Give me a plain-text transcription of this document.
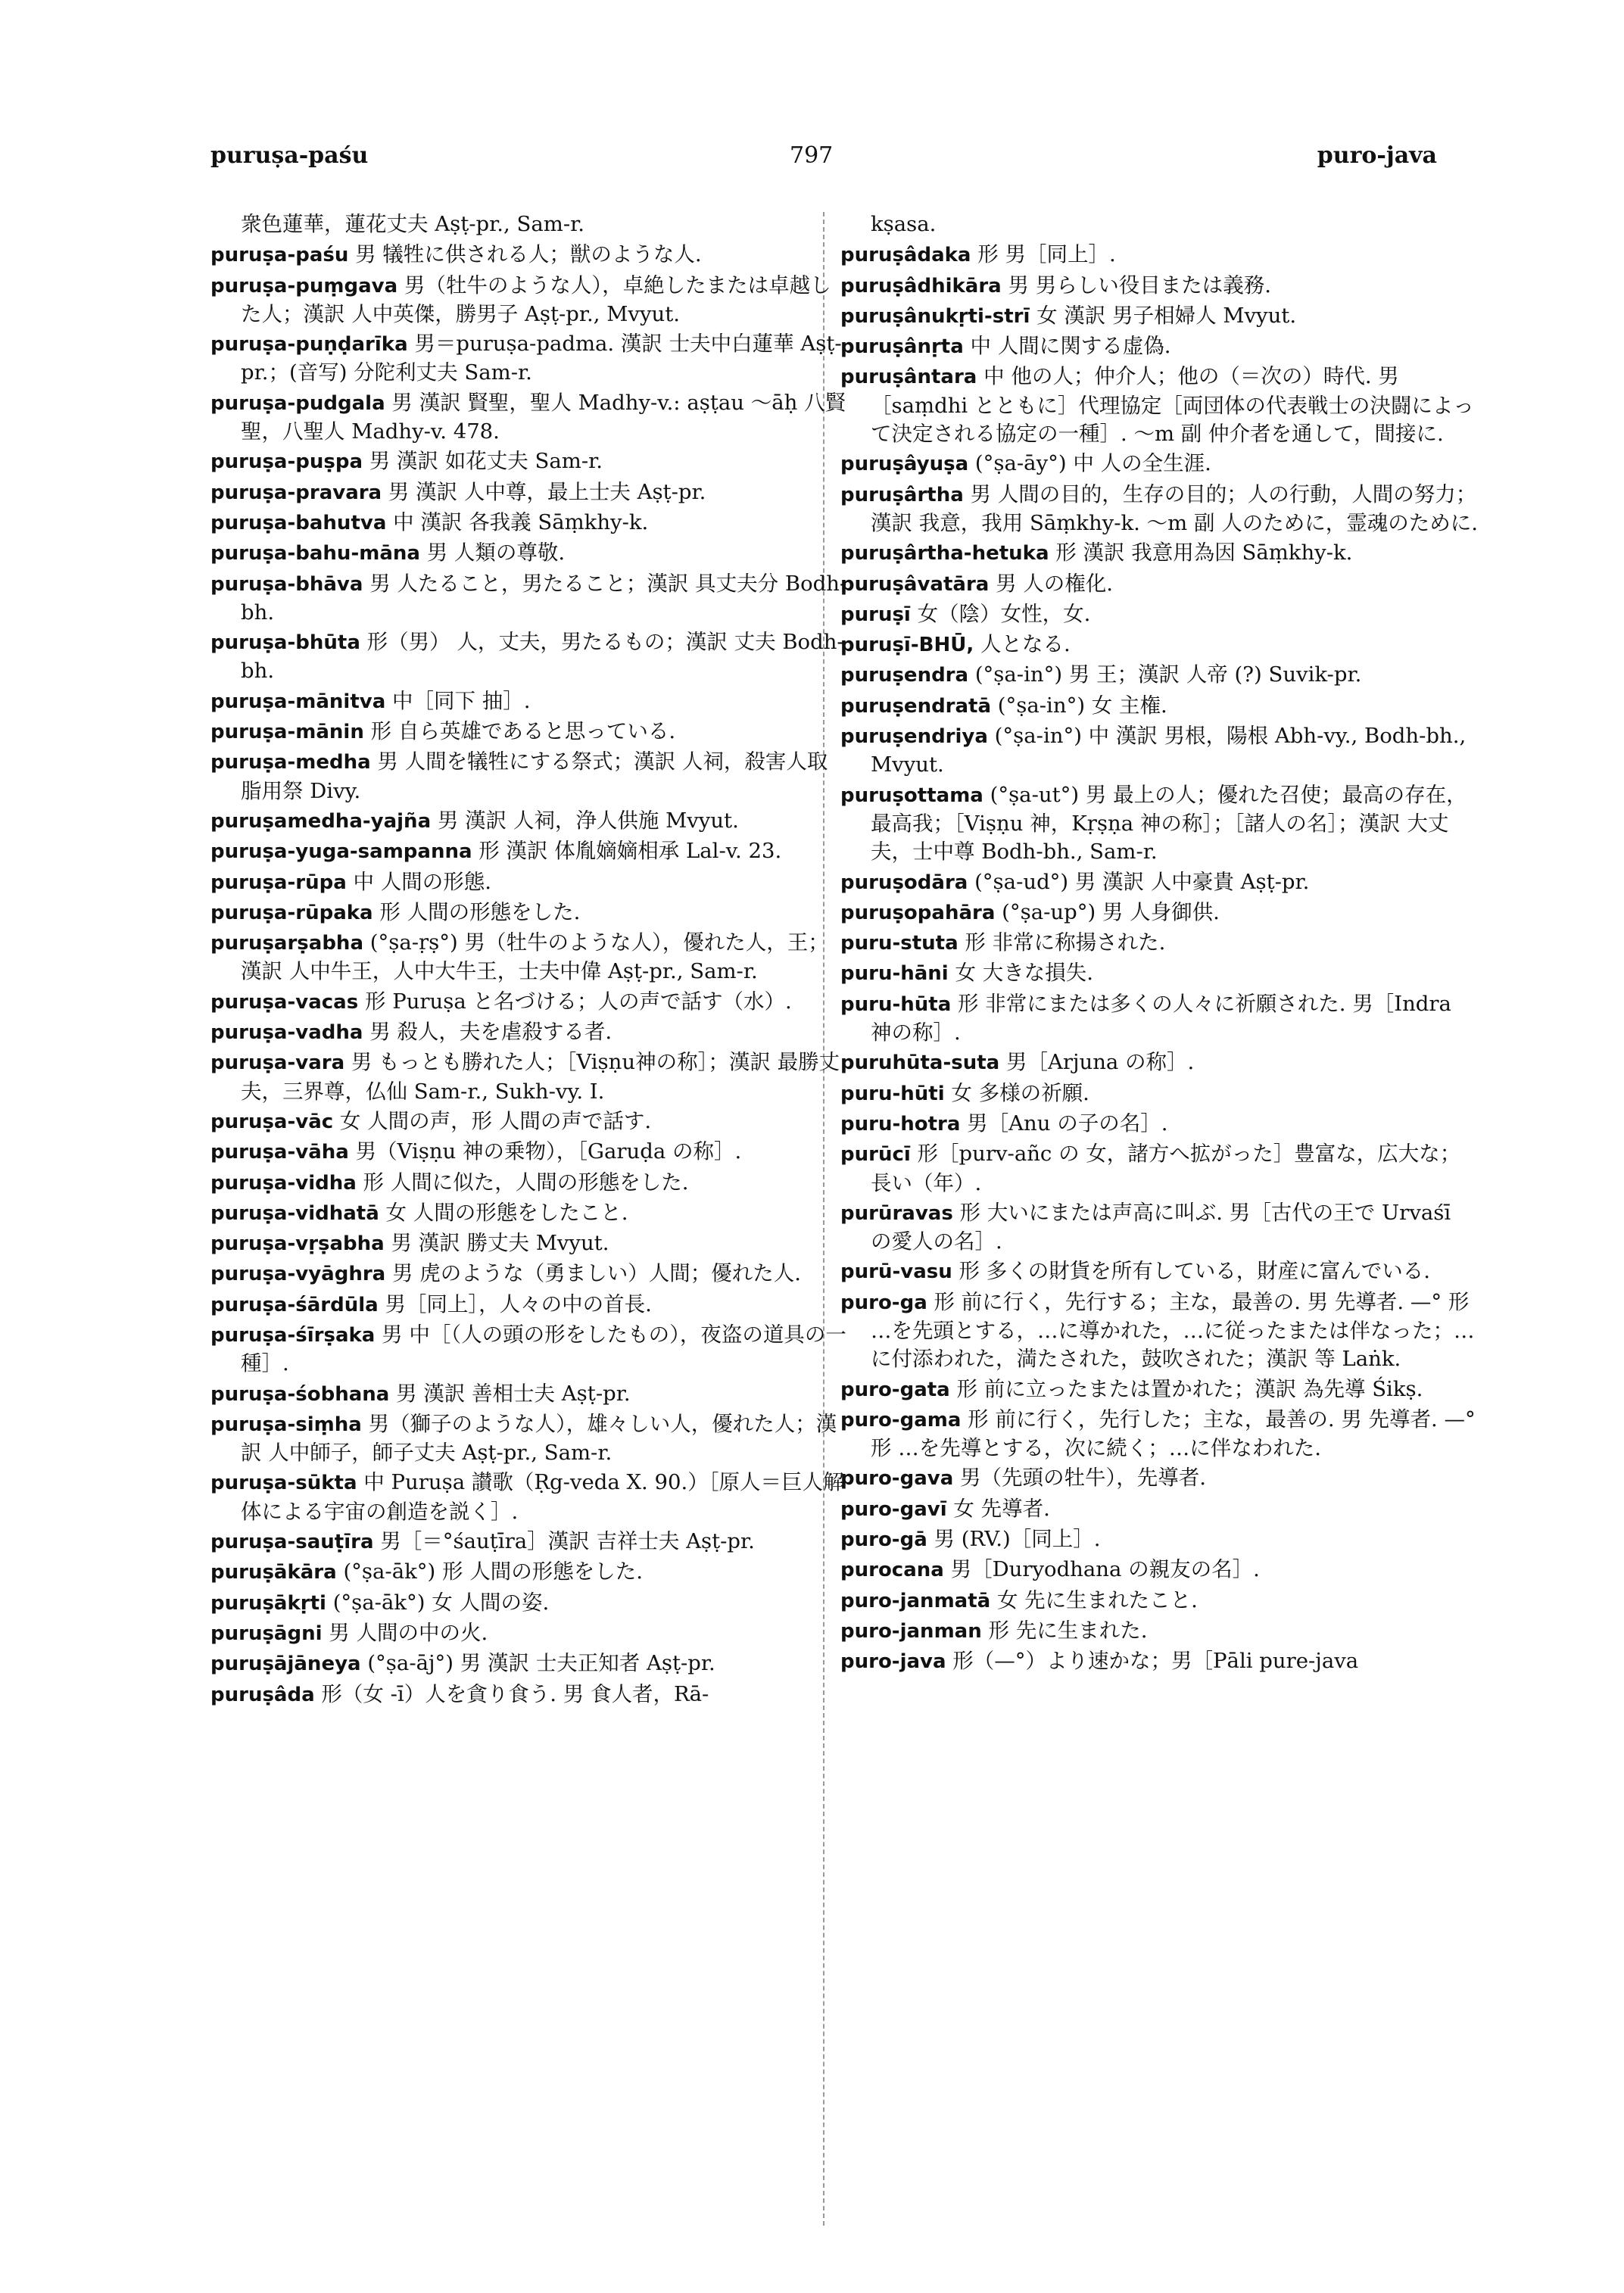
puruṣa-paśu	797	puro-java
衆色蓮華，蓮花丈夫 Aṣṭ-pr., Sam-r.
puruṣa-paśu 男 犠牲に供される人；獣のような人.
puruṣa-puṃgava 男（牡牛のような人），卓絶したまたは卓越した人；漢訳 人中英傑，勝男子 Aṣṭ-pr., Mvyut.
puruṣa-puṇḍarīka 男＝puruṣa-padma. 漢訳 士夫中白蓮華 Aṣṭ-pr.；(音写) 分陀利丈夫 Sam-r.
puruṣa-pudgala 男 漢訳 賢聖，聖人 Madhy-v.: aṣṭau ～āḥ 八賢聖，八聖人 Madhy-v. 478.
puruṣa-puṣpa 男 漢訳 如花丈夫 Sam-r.
puruṣa-pravara 男 漢訳 人中尊，最上士夫 Aṣṭ-pr.
puruṣa-bahutva 中 漢訳 各我義 Sāṃkhy-k.
puruṣa-bahu-māna 男 人類の尊敬.
puruṣa-bhāva 男 人たること，男たること；漢訳 具丈夫分 Bodh-bh.
puruṣa-bhūta 形（男） 人，丈夫，男たるもの；漢訳 丈夫 Bodh-bh.
puruṣa-mānitva 中［同下 抽］.
puruṣa-mānin 形 自ら英雄であると思っている.
puruṣa-medha 男 人間を犠牲にする祭式；漢訳 人祠，殺害人取脂用祭 Divy.
puruṣamedha-yajña 男 漢訳 人祠，浄人供施 Mvyut.
puruṣa-yuga-sampanna 形 漢訳 体胤嫡嫡相承 Lal-v. 23.
puruṣa-rūpa 中 人間の形態.
puruṣa-rūpaka 形 人間の形態をした.
puruṣarṣabha (°ṣa-ṛṣ°) 男（牡牛のような人），優れた人，王；漢訳 人中牛王，人中大牛王，士夫中偉 Aṣṭ-pr., Sam-r.
puruṣa-vacas 形 Puruṣa と名づける；人の声で話す（水）.
puruṣa-vadha 男 殺人，夫を虐殺する者.
puruṣa-vara 男 もっとも勝れた人；［Viṣṇu神の称］；漢訳 最勝丈夫，三界尊，仏仙 Sam-r., Sukh-vy. I.
puruṣa-vāc 女 人間の声，形 人間の声で話す.
puruṣa-vāha 男（Viṣṇu 神の乗物），［Garuḍa の称］.
puruṣa-vidha 形 人間に似た，人間の形態をした.
puruṣa-vidhatā 女 人間の形態をしたこと.
puruṣa-vṛṣabha 男 漢訳 勝丈夫 Mvyut.
puruṣa-vyāghra 男 虎のような（勇ましい）人間；優れた人.
puruṣa-śārdūla 男［同上］，人々の中の首長.
puruṣa-śīrṣaka 男 中［（人の頭の形をしたもの），夜盗の道具の一種］.
puruṣa-śobhana 男 漢訳 善相士夫 Aṣṭ-pr.
puruṣa-siṃha 男（獅子のような人），雄々しい人，優れた人；漢訳 人中師子，師子丈夫 Aṣṭ-pr., Sam-r.
puruṣa-sūkta 中 Puruṣa 讃歌（Ṛg-veda X. 90.）［原人＝巨人解体による宇宙の創造を説く］.
puruṣa-sauṭīra 男［＝°śauṭīra］漢訳 吉祥士夫 Aṣṭ-pr.
puruṣākāra (°ṣa-āk°) 形 人間の形態をした.
puruṣākṛti (°ṣa-āk°) 女 人間の姿.
puruṣāgni 男 人間の中の火.
puruṣājāneya (°ṣa-āj°) 男 漢訳 士夫正知者 Aṣṭ-pr.
puruṣâda 形（女 -ī）人を貪り食う. 男 食人者，Rā-
kṣasa.
puruṣâdaka 形 男［同上］.
puruṣâdhikāra 男 男らしい役目または義務.
puruṣânukṛti-strī 女 漢訳 男子相婦人 Mvyut.
puruṣânṛta 中 人間に関する虚偽.
puruṣântara 中 他の人；仲介人；他の（＝次の）時代. 男［saṃdhi とともに］代理協定［両団体の代表戦士の決闘によって決定される協定の一種］. ～m 副 仲介者を通して，間接に.
puruṣâyuṣa (°ṣa-āy°) 中 人の全生涯.
puruṣârtha 男 人間の目的，生存の目的；人の行動，人間の努力；漢訳 我意，我用 Sāṃkhy-k. ～m 副 人のために，霊魂のために.
puruṣârtha-hetuka 形 漢訳 我意用為因 Sāṃkhy-k.
puruṣâvatāra 男 人の権化.
puruṣī 女（陰）女性，女.
puruṣī-BHŪ, 人となる.
puruṣendra (°ṣa-in°) 男 王；漢訳 人帝 (?) Suvik-pr.
puruṣendratā (°ṣa-in°) 女 主権.
puruṣendriya (°ṣa-in°) 中 漢訳 男根，陽根 Abh-vy., Bodh-bh., Mvyut.
puruṣottama (°ṣa-ut°) 男 最上の人；優れた召使；最高の存在，最高我；［Viṣṇu 神，Kṛṣṇa 神の称］；［諸人の名］；漢訳 大丈夫，士中尊 Bodh-bh., Sam-r.
puruṣodāra (°ṣa-ud°) 男 漢訳 人中豪貴 Aṣṭ-pr.
puruṣopahāra (°ṣa-up°) 男 人身御供.
puru-stuta 形 非常に称揚された.
puru-hāni 女 大きな損失.
puru-hūta 形 非常にまたは多くの人々に祈願された. 男［Indra 神の称］.
puruhūta-suta 男［Arjuna の称］.
puru-hūti 女 多様の祈願.
puru-hotra 男［Anu の子の名］.
purūcī 形［purv-añc の 女，諸方へ拡がった］豊富な，広大な；長い（年）.
purūravas 形 大いにまたは声高に叫ぶ. 男［古代の王で Urvaśī の愛人の名］.
purū-vasu 形 多くの財貨を所有している，財産に富んでいる.
puro-ga 形 前に行く，先行する；主な，最善の. 男 先導者. —° 形 …を先頭とする，…に導かれた，…に従ったまたは伴なった；…に付添われた，満たされた，鼓吹された；漢訳 等 Laṅk.
puro-gata 形 前に立ったまたは置かれた；漢訳 為先導 Śikṣ.
puro-gama 形 前に行く，先行した；主な，最善の. 男 先導者. —° 形 …を先導とする，次に続く；…に伴なわれた.
puro-gava 男（先頭の牡牛），先導者.
puro-gavī 女 先導者.
puro-gā 男 (RV.)［同上］.
purocana 男［Duryodhana の親友の名］.
puro-janmatā 女 先に生まれたこと.
puro-janman 形 先に生まれた.
puro-java 形（—°）より速かな；男［Pāli pure-java
